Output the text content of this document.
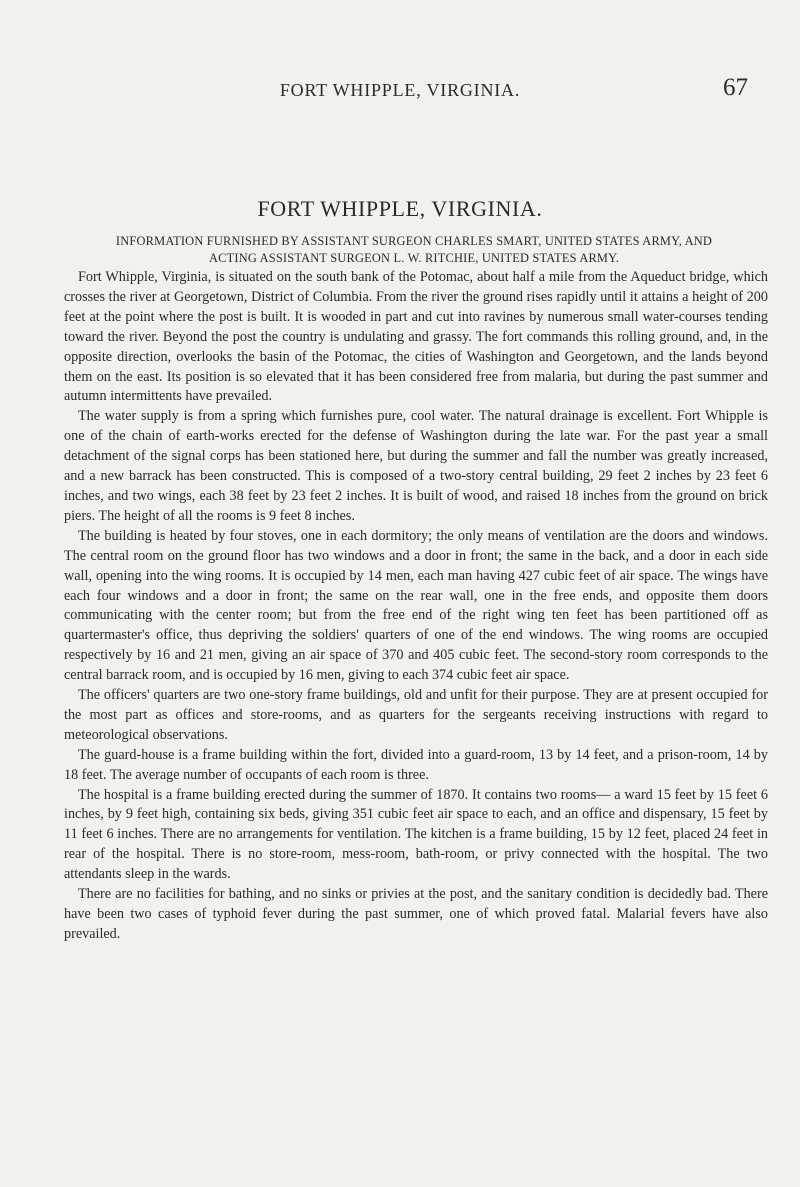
FORT WHIPPLE, VIRGINIA.	67
FORT WHIPPLE, VIRGINIA.
INFORMATION FURNISHED BY ASSISTANT SURGEON CHARLES SMART, UNITED STATES ARMY, AND
ACTING ASSISTANT SURGEON L. W. RITCHIE, UNITED STATES ARMY.

Fort Whipple, Virginia, is situated on the south bank of the Potomac, about half a mile from the Aqueduct bridge, which crosses the river at Georgetown, District of Columbia. From the river the ground rises rapidly until it attains a height of 200 feet at the point where the post is built. It is wooded in part and cut into ravines by numerous small water-courses tending toward the river. Beyond the post the country is undulating and grassy. The fort commands this rolling ground, and, in the opposite direction, overlooks the basin of the Potomac, the cities of Washington and Georgetown, and the lands beyond them on the east. Its position is so elevated that it has been considered free from malaria, but during the past summer and autumn intermittents have prevailed.

The water supply is from a spring which furnishes pure, cool water. The natural drainage is excellent. Fort Whipple is one of the chain of earth-works erected for the defense of Washington during the late war. For the past year a small detachment of the signal corps has been stationed here, but during the summer and fall the number was greatly increased, and a new barrack has been constructed. This is composed of a two-story central building, 29 feet 2 inches by 23 feet 6 inches, and two wings, each 38 feet by 23 feet 2 inches. It is built of wood, and raised 18 inches from the ground on brick piers. The height of all the rooms is 9 feet 8 inches.

The building is heated by four stoves, one in each dormitory; the only means of ventilation are the doors and windows. The central room on the ground floor has two windows and a door in front; the same in the back, and a door in each side wall, opening into the wing rooms. It is occupied by 14 men, each man having 427 cubic feet of air space. The wings have each four windows and a door in front; the same on the rear wall, one in the free ends, and opposite them doors communicating with the center room; but from the free end of the right wing ten feet has been partitioned off as quartermaster's office, thus depriving the soldiers' quarters of one of the end windows. The wing rooms are occupied respectively by 16 and 21 men, giving an air space of 370 and 405 cubic feet. The second-story room corresponds to the central barrack room, and is occupied by 16 men, giving to each 374 cubic feet air space.

The officers' quarters are two one-story frame buildings, old and unfit for their purpose. They are at present occupied for the most part as offices and store-rooms, and as quarters for the sergeants receiving instructions with regard to meteorological observations.

The guard-house is a frame building within the fort, divided into a guard-room, 13 by 14 feet, and a prison-room, 14 by 18 feet. The average number of occupants of each room is three.

The hospital is a frame building erected during the summer of 1870. It contains two rooms— a ward 15 feet by 15 feet 6 inches, by 9 feet high, containing six beds, giving 351 cubic feet air space to each, and an office and dispensary, 15 feet by 11 feet 6 inches. There are no arrangements for ventilation. The kitchen is a frame building, 15 by 12 feet, placed 24 feet in rear of the hospital. There is no store-room, mess-room, bath-room, or privy connected with the hospital. The two attendants sleep in the wards.

There are no facilities for bathing, and no sinks or privies at the post, and the sanitary condition is decidedly bad. There have been two cases of typhoid fever during the past summer, one of which proved fatal. Malarial fevers have also prevailed.
